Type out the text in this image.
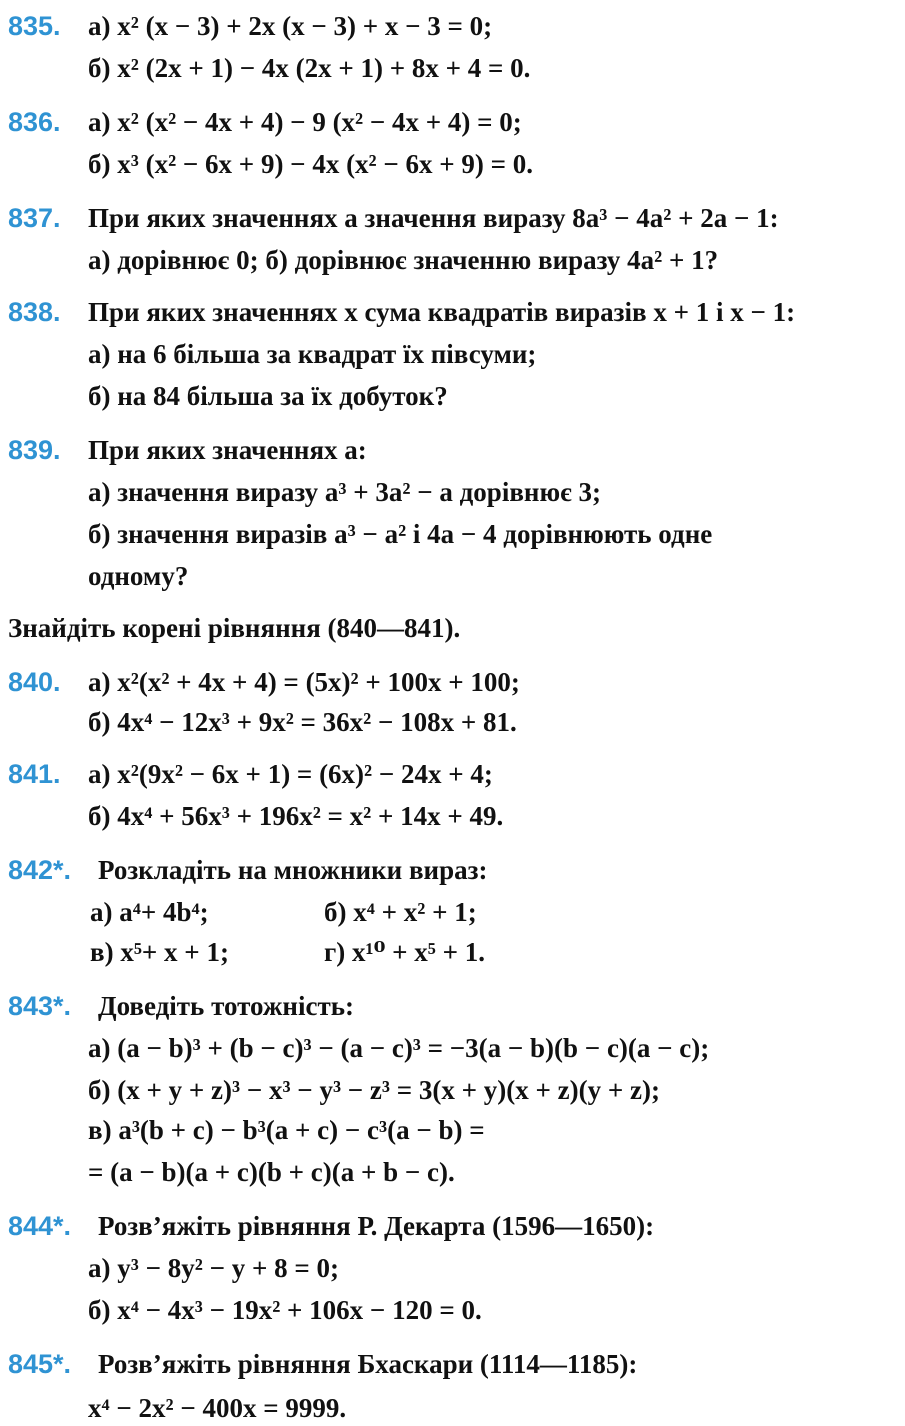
835. а) x² (x − 3) + 2x (x − 3) + x − 3 = 0;
б) x² (2x + 1) − 4x (2x + 1) + 8x + 4 = 0.
836. а) x² (x² − 4x + 4) − 9 (x² − 4x + 4) = 0;
б) x³ (x² − 6x + 9) − 4x (x² − 6x + 9) = 0.
837. При яких значеннях a значення виразу 8a³ − 4a² + 2a − 1:
а) дорівнює 0; б) дорівнює значенню виразу 4a² + 1?
838. При яких значеннях x сума квадратів виразів x + 1 і x − 1:
а) на 6 більша за квадрат їх півсуми;
б) на 84 більша за їх добуток?
839. При яких значеннях a:
а) значення виразу a³ + 3a² − a дорівнює 3;
б) значення виразів a³ − a² і 4a − 4 дорівнюють одне
одному?
Знайдіть корені рівняння (840—841).
840. а) x²(x² + 4x + 4) = (5x)² + 100x + 100;
б) 4x⁴ − 12x³ + 9x² = 36x² − 108x + 81.
841. а) x²(9x² − 6x + 1) = (6x)² − 24x + 4;
б) 4x⁴ + 56x³ + 196x² = x² + 14x + 49.
842*. Розкладіть на множники вираз:
а) a⁴+ 4b⁴;	б) x⁴ + x² + 1;
в) x⁵+ x + 1;	г) x¹⁰ + x⁵ + 1.
843*. Доведіть тотожність:
а) (a − b)³ + (b − c)³ − (a − c)³ = −3(a − b)(b − c)(a − c);
б) (x + y + z)³ − x³ − y³ − z³ = 3(x + y)(x + z)(y + z);
в) a³(b + c) − b³(a + c) − c³(a − b) =
= (a − b)(a + c)(b + c)(a + b − c).
844*. Розв’яжіть рівняння Р. Декарта (1596—1650):
а) y³ − 8y² − y + 8 = 0;
б) x⁴ − 4x³ − 19x² + 106x − 120 = 0.
845*. Розв’яжіть рівняння Бхаскари (1114—1185):
x⁴ − 2x² − 400x = 9999.
